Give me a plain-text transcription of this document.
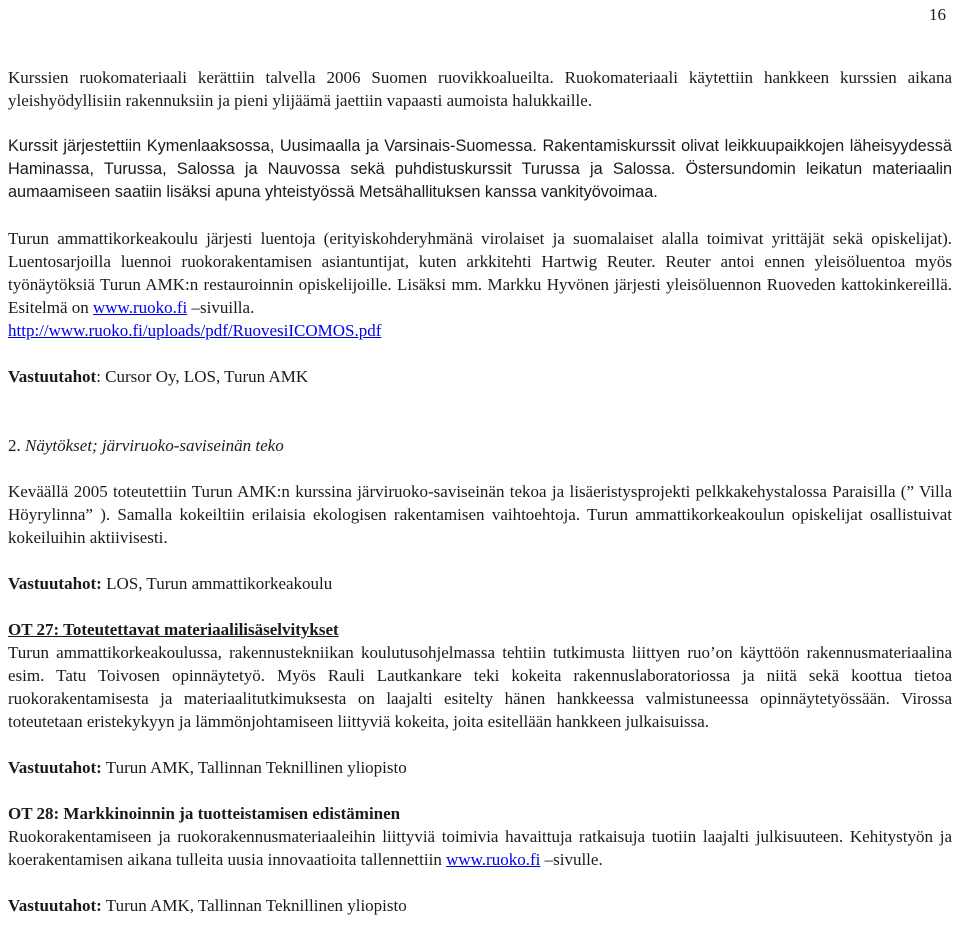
16

Kurssien ruokomateriaali kerättiin talvella 2006 Suomen ruovikkoalueilta. Ruokomateriaali käytettiin hankkeen kurssien aikana yleishyödyllisiin rakennuksiin ja pieni ylijäämä jaettiin vapaasti aumoista halukkaille.

Kurssit järjestettiin Kymenlaaksossa, Uusimaalla ja Varsinais-Suomessa. Rakentamiskurssit olivat leikkuupaikkojen läheisyydessä Haminassa, Turussa, Salossa ja Nauvossa sekä puhdistuskurssit Turussa ja Salossa. Östersundomin leikatun materiaalin aumaamiseen saatiin lisäksi apuna yhteistyössä Metsähallituksen kanssa vankityövoimaa.

Turun ammattikorkeakoulu järjesti luentoja (erityiskohderyhmänä virolaiset ja suomalaiset alalla toimivat yrittäjät sekä opiskelijat). Luentosarjoilla luennoi ruokorakentamisen asiantuntijat, kuten arkkitehti Hartwig Reuter. Reuter antoi ennen yleisöluentoa myös työnäytöksiä Turun AMK:n restauroinnin opiskelijoille. Lisäksi mm. Markku Hyvönen järjesti yleisöluennon Ruoveden kattokinkereillä. Esitelmä on www.ruoko.fi –sivuilla.
http://www.ruoko.fi/uploads/pdf/RuovesiICOMOS.pdf

Vastuutahot: Cursor Oy, LOS, Turun AMK

2. Näytökset; järviruoko-saviseinän teko

Keväällä 2005 toteutettiin Turun AMK:n kurssina järviruoko-saviseinän tekoa ja lisäeristysprojekti pelkkakehystalossa Paraisilla (” Villa Höyrylinna” ). Samalla kokeiltiin erilaisia ekologisen rakentamisen vaihtoehtoja. Turun ammattikorkeakoulun opiskelijat osallistuivat kokeiluihin aktiivisesti.

Vastuutahot: LOS, Turun ammattikorkeakoulu

OT 27: Toteutettavat materiaalilisäselvitykset

Turun ammattikorkeakoulussa, rakennustekniikan koulutusohjelmassa tehtiin tutkimusta liittyen ruo’on käyttöön rakennusmateriaalina esim. Tatu Toivosen opinnäytetyö. Myös Rauli Lautkankare teki kokeita rakennuslaboratoriossa ja niitä sekä koottua tietoa ruokorakentamisesta ja materiaalitutkimuksesta on laajalti esitelty hänen hankkeessa valmistuneessa opinnäytetyössään. Virossa toteutetaan eristekykyyn ja lämmönjohtamiseen liittyviä kokeita, joita esitellään hankkeen julkaisuissa.

Vastuutahot: Turun AMK, Tallinnan Teknillinen yliopisto

OT 28: Markkinoinnin ja tuotteistamisen edistäminen

Ruokorakentamiseen ja ruokorakennusmateriaaleihin liittyviä toimivia havaittuja ratkaisuja tuotiin laajalti julkisuuteen. Kehitystyön ja koerakentamisen aikana tulleita uusia innovaatioita tallennettiin www.ruoko.fi –sivulle.

Vastuutahot: Turun AMK, Tallinnan Teknillinen yliopisto
